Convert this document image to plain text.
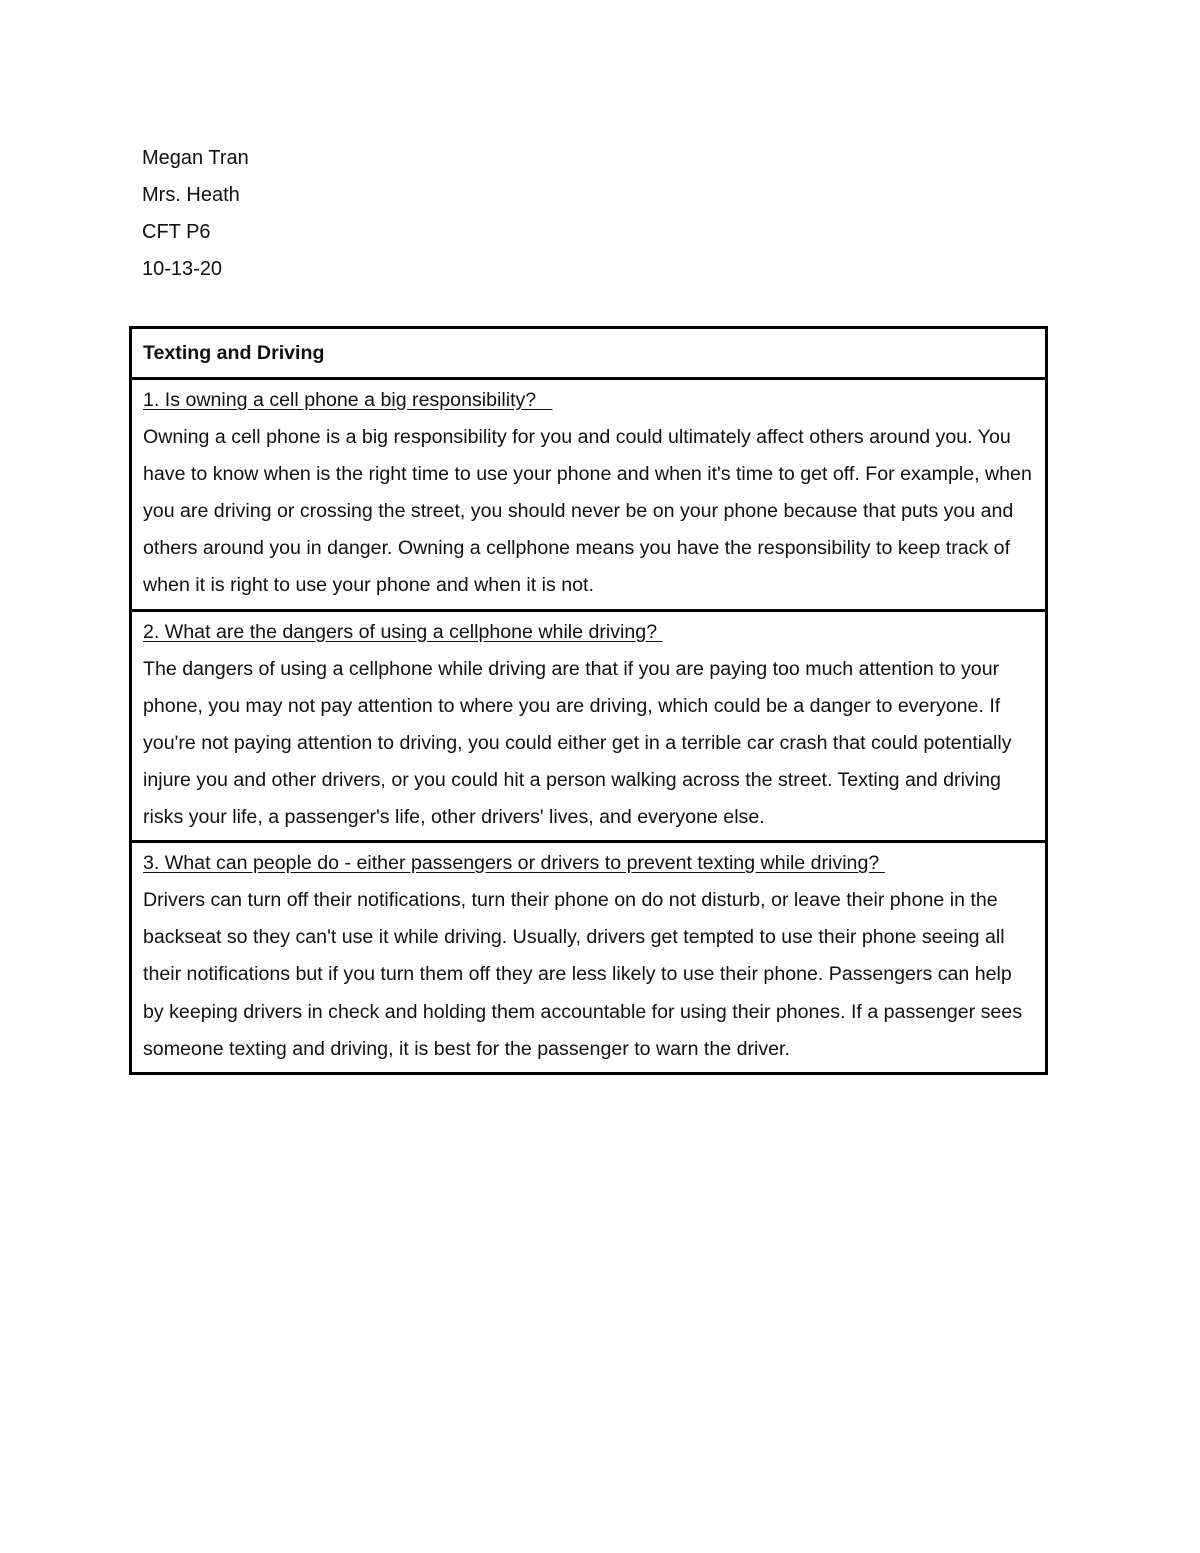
Megan Tran
Mrs. Heath
CFT P6
10-13-20
Texting and Driving
1. Is owning a cell phone a big responsibility?
Owning a cell phone is a big responsibility for you and could ultimately affect others around you. You have to know when is the right time to use your phone and when it's time to get off. For example, when you are driving or crossing the street, you should never be on your phone because that puts you and others around you in danger. Owning a cellphone means you have the responsibility to keep track of when it is right to use your phone and when it is not.
2. What are the dangers of using a cellphone while driving?
The dangers of using a cellphone while driving are that if you are paying too much attention to your phone, you may not pay attention to where you are driving, which could be a danger to everyone. If you're not paying attention to driving, you could either get in a terrible car crash that could potentially injure you and other drivers, or you could hit a person walking across the street. Texting and driving risks your life, a passenger's life, other drivers' lives, and everyone else.
3. What can people do - either passengers or drivers to prevent texting while driving?
Drivers can turn off their notifications, turn their phone on do not disturb, or leave their phone in the backseat so they can't use it while driving. Usually, drivers get tempted to use their phone seeing all their notifications but if you turn them off they are less likely to use their phone. Passengers can help by keeping drivers in check and holding them accountable for using their phones. If a passenger sees someone texting and driving, it is best for the passenger to warn the driver.
